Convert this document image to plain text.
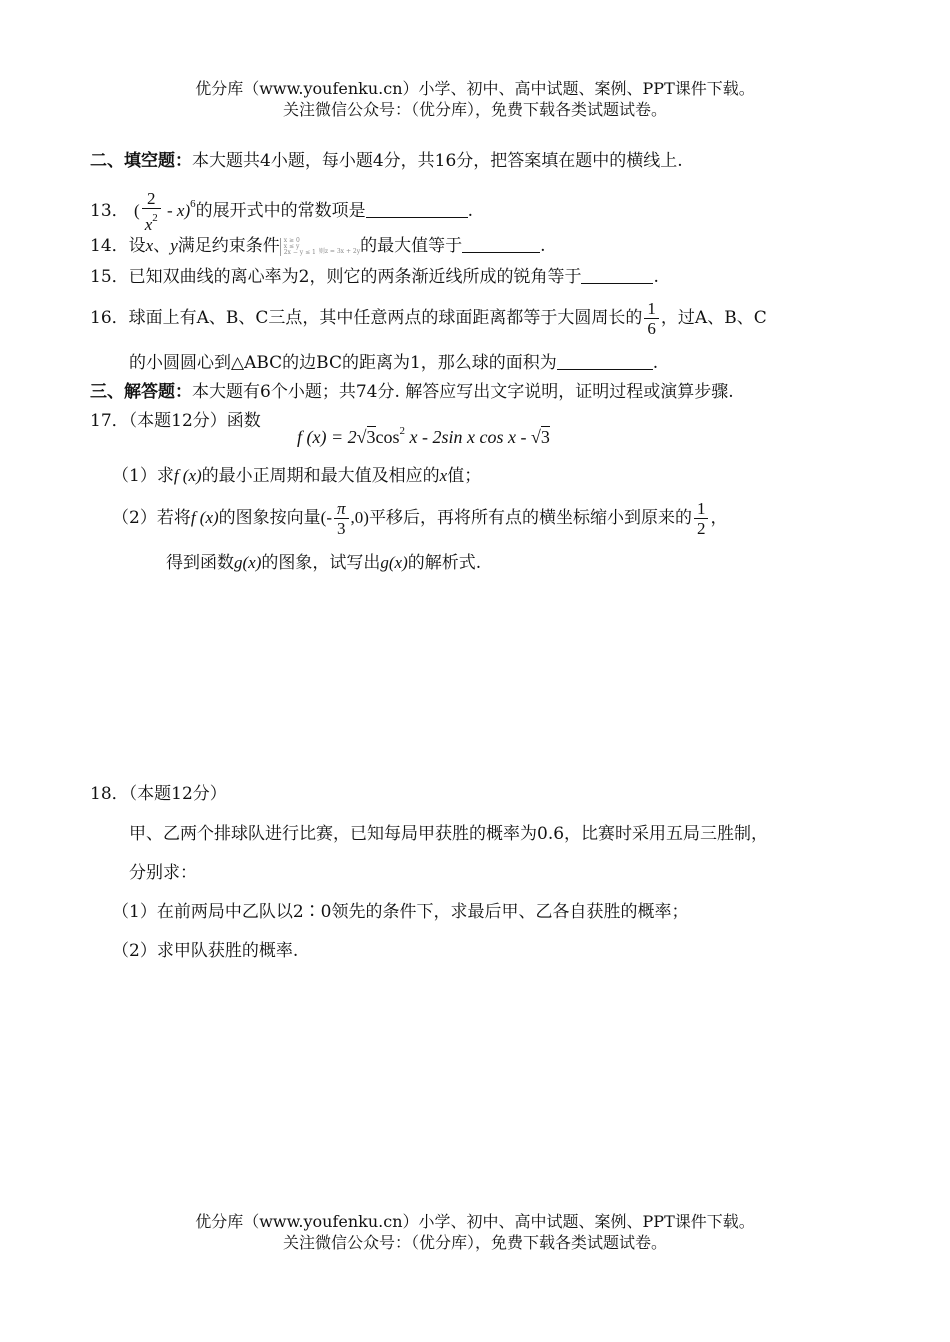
优分库（www.youfenku.cn）小学、初中、高中试题、案例、PPT课件下载。
关注微信公众号：（优分库），免费下载各类试题试卷。
二、填空题：本大题共4小题，每小题4分，共16分，把答案填在题中的横线上.
13． ( $\frac{2}{x^2} - x)^6$的展开式中的常数项是	.
14．设x、y满足约束条件 x ≥ 0
x ≤ y
2x − y ≤ 1 则z = 3x + 2y的最大值等于	.
15．已知双曲线的离心率为2，则它的两条渐近线所成的锐角等于	.
16．球面上有A、B、C三点，其中任意两点的球面距离都等于大圆周长的 $\frac{1}{6}$ ，过A、B、C
的小圆圆心到△ABC的边BC的距离为1，那么球的面积为	.
三、解答题：本大题有6个小题；共74分. 解答应写出文字说明，证明过程或演算步骤.
17．（本题12分）函数
f $(x) = 2√3\cos^2$ x - 2sin x cos x - √3
（1）求f (x)的最小正周期和最大值及相应的x值；
（2）若将f (x)的图象按向量(- $\frac{\pi}{3} ,0$)平移后，再将所有点的横坐标缩小到原来的 $\frac{1}{2}$ ，
得到函数g(x)的图象，试写出g(x)的解析式.
18．（本题12分）
甲、乙两个排球队进行比赛，已知每局甲获胜的概率为0.6，比赛时采用五局三胜制，
分别求：
（1）在前两局中乙队以2∶0领先的条件下，求最后甲、乙各自获胜的概率；
（2）求甲队获胜的概率.
优分库（www.youfenku.cn）小学、初中、高中试题、案例、PPT课件下载。
关注微信公众号：（优分库），免费下载各类试题试卷。
